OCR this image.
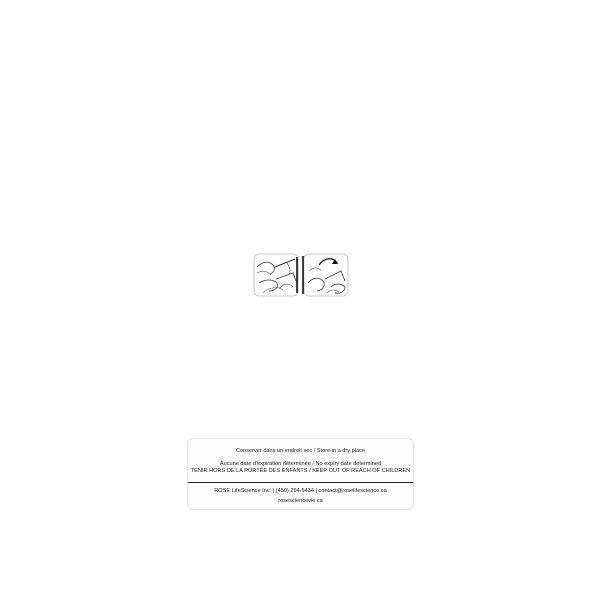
Conserver dans un endroit sec / Store in a dry place
Aucune date d'expiration déterminée / No expiry date determined
TENIR HORS DE LA PORTÉE DES ENFANTS / KEEP OUT OF REACH OF CHILDREN
ROSE LifeScience Inc. | (450) 264-5434 | contact@roselifescience.ca
rosesciencevie.ca
